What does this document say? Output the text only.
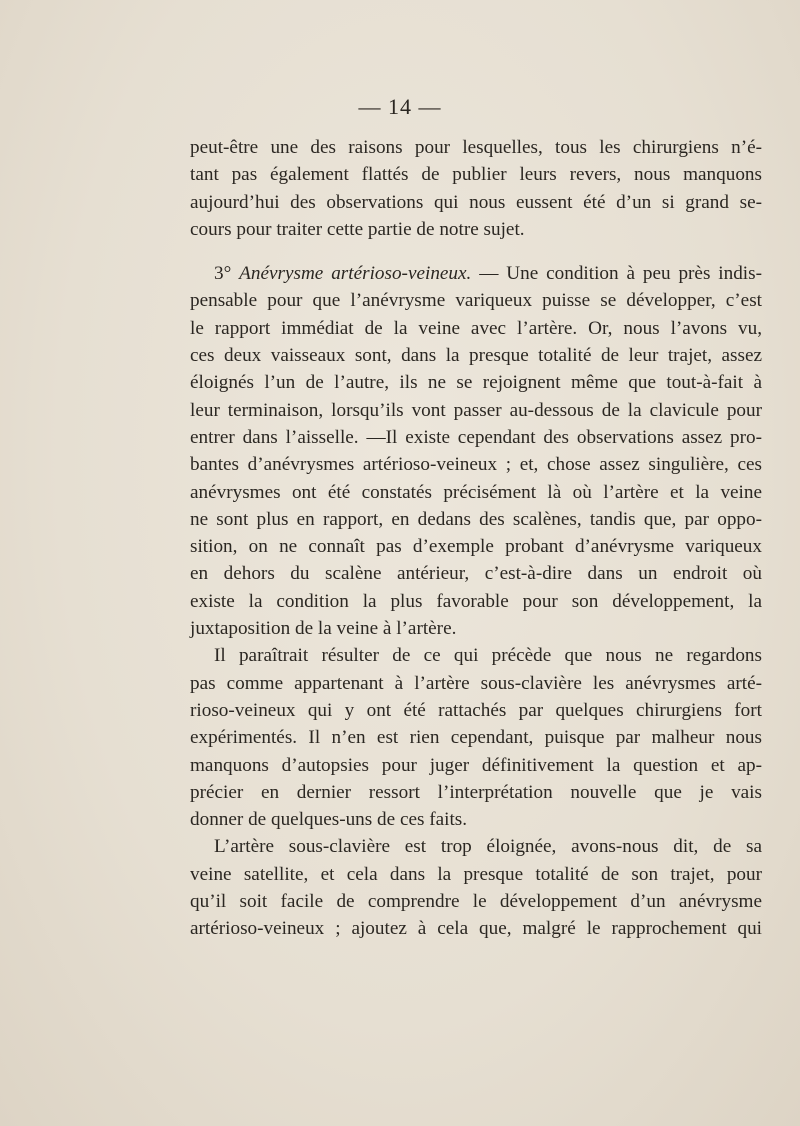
— 14 —

peut-être une des raisons pour lesquelles, tous les chirurgiens n’é-

tant pas également flattés de publier leurs revers, nous manquons

aujourd’hui des observations qui nous eussent été d’un si grand se-

cours pour traiter cette partie de notre sujet.

3° Anévrysme artérioso-veineux. — Une condition à peu près indis-

pensable pour que l’anévrysme variqueux puisse se développer, c’est

le rapport immédiat de la veine avec l’artère. Or, nous l’avons vu,

ces deux vaisseaux sont, dans la presque totalité de leur trajet, assez

éloignés l’un de l’autre, ils ne se rejoignent même que tout-à-fait à

leur terminaison, lorsqu’ils vont passer au-dessous de la clavicule pour

entrer dans l’aisselle. —Il existe cependant des observations assez pro-

bantes d’anévrysmes artérioso-veineux ; et, chose assez singulière, ces

anévrysmes ont été constatés précisément là où l’artère et la veine

ne sont plus en rapport, en dedans des scalènes, tandis que, par oppo-

sition, on ne connaît pas d’exemple probant d’anévrysme variqueux

en dehors du scalène antérieur, c’est-à-dire dans un endroit où

existe la condition la plus favorable pour son développement, la

juxtaposition de la veine à l’artère.

Il paraîtrait résulter de ce qui précède que nous ne regardons

pas comme appartenant à l’artère sous-clavière les anévrysmes arté-

rioso-veineux qui y ont été rattachés par quelques chirurgiens fort

expérimentés. Il n’en est rien cependant, puisque par malheur nous

manquons d’autopsies pour juger définitivement la question et ap-

précier en dernier ressort l’interprétation nouvelle que je vais

donner de quelques-uns de ces faits.

L’artère sous-clavière est trop éloignée, avons-nous dit, de sa

veine satellite, et cela dans la presque totalité de son trajet, pour

qu’il soit facile de comprendre le développement d’un anévrysme

artérioso-veineux ; ajoutez à cela que, malgré le rapprochement qui
